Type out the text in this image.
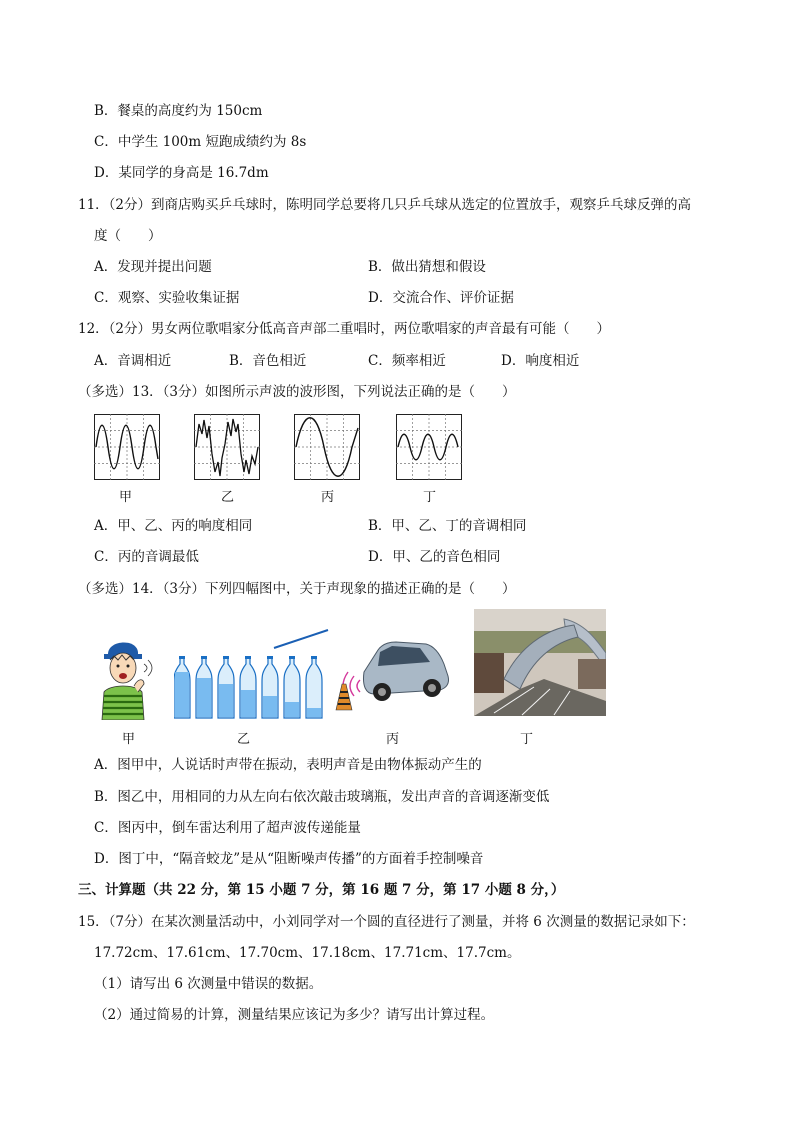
B．餐桌的高度约为 150cm
C．中学生 100m 短跑成绩约为 8s
D．某同学的身高是 16.7dm
11．（2分）到商店购买乒乓球时，陈明同学总要将几只乒乓球从选定的位置放手，观察乒乓球反弹的高
度（　　）
A．发现并提出问题	B．做出猜想和假设
C．观察、实验收集证据	D．交流合作、评价证据
12．（2分）男女两位歌唱家分低高音声部二重唱时，两位歌唱家的声音最有可能（　　）
A．音调相近	B．音色相近	C．频率相近	D．响度相近
（多选）13．（3分）如图所示声波的波形图，下列说法正确的是（　　）
甲	乙	丙	丁
A．甲、乙、丙的响度相同	B．甲、乙、丁的音调相同
C．丙的音调最低	D．甲、乙的音色相同
（多选）14．（3分）下列四幅图中，关于声现象的描述正确的是（　　）
甲	乙	丙	丁
A．图甲中，人说话时声带在振动，表明声音是由物体振动产生的
B．图乙中，用相同的力从左向右依次敲击玻璃瓶，发出声音的音调逐渐变低
C．图丙中，倒车雷达利用了超声波传递能量
D．图丁中，“隔音蛟龙”是从“阻断噪声传播”的方面着手控制噪音
三、计算题（共 22 分，第 15 小题 7 分，第 16 题 7 分，第 17 小题 8 分，）
15．（7分）在某次测量活动中，小刘同学对一个圆的直径进行了测量，并将 6 次测量的数据记录如下：
17.72cm、17.61cm、17.70cm、17.18cm、17.71cm、17.7cm。
（1）请写出 6 次测量中错误的数据。
（2）通过简易的计算，测量结果应该记为多少？请写出计算过程。
